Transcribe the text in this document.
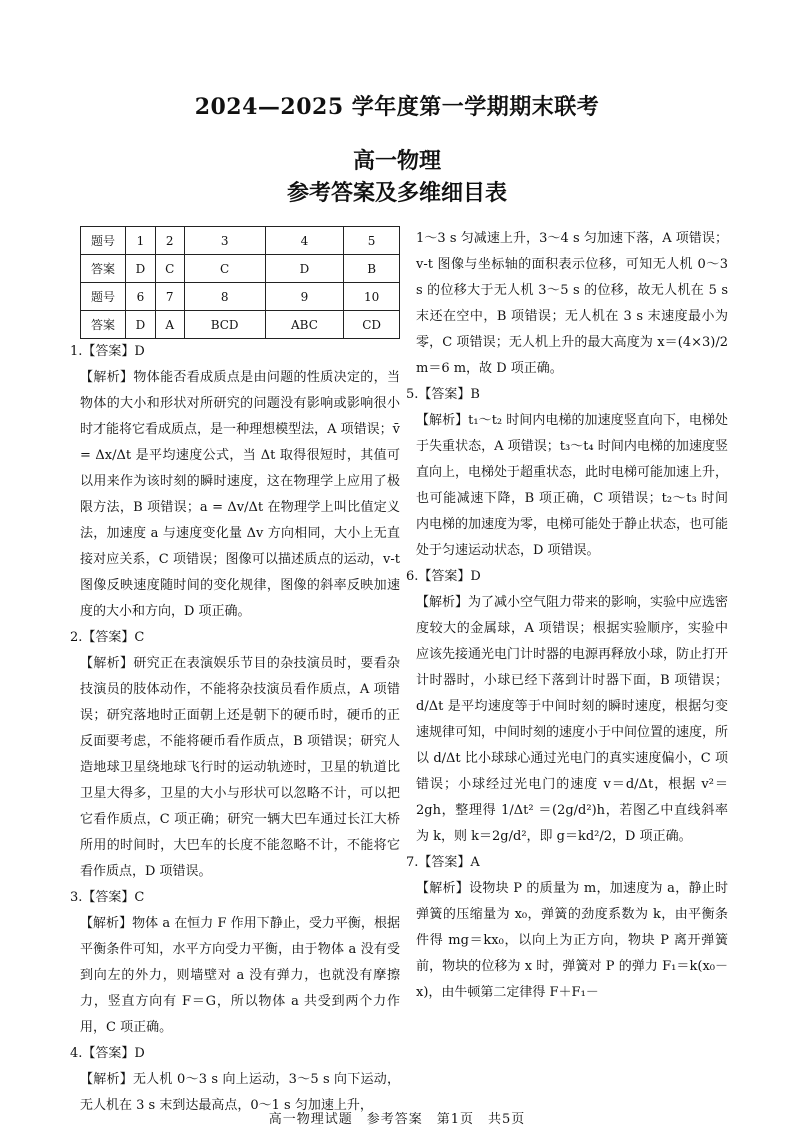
2024—2025 学年度第一学期期末联考
高一物理
参考答案及多维细目表
题号	1	2	3	4	5
答案	D	C	C	D	B
题号	6	7	8	9	10
答案	D	A	BCD	ABC	CD
1.【答案】D
【解析】物体能否看成质点是由问题的性质决定的，当物体的大小和形状对所研究的问题没有影响或影响很小时才能将它看成质点，是一种理想模型法，A 项错误；v̄ = Δx/Δt 是平均速度公式，当 Δt 取得很短时，其值可以用来作为该时刻的瞬时速度，这在物理学上应用了极限方法，B 项错误；a = Δv/Δt 在物理学上叫比值定义法，加速度 a 与速度变化量 Δv 方向相同，大小上无直接对应关系，C 项错误；图像可以描述质点的运动，v-t 图像反映速度随时间的变化规律，图像的斜率反映加速度的大小和方向，D 项正确。
2.【答案】C
【解析】研究正在表演娱乐节目的杂技演员时，要看杂技演员的肢体动作，不能将杂技演员看作质点，A 项错误；研究落地时正面朝上还是朝下的硬币时，硬币的正反面要考虑，不能将硬币看作质点，B 项错误；研究人造地球卫星绕地球飞行时的运动轨迹时，卫星的轨道比卫星大得多，卫星的大小与形状可以忽略不计，可以把它看作质点，C 项正确；研究一辆大巴车通过长江大桥所用的时间时，大巴车的长度不能忽略不计，不能将它看作质点，D 项错误。
3.【答案】C
【解析】物体 a 在恒力 F 作用下静止，受力平衡，根据平衡条件可知，水平方向受力平衡，由于物体 a 没有受到向左的外力，则墙壁对 a 没有弹力，也就没有摩擦力，竖直方向有 F＝G，所以物体 a 共受到两个力作用，C 项正确。
4.【答案】D
【解析】无人机 0～3 s 向上运动，3～5 s 向下运动，无人机在 3 s 末到达最高点，0～1 s 匀加速上升，
1～3 s 匀减速上升，3～4 s 匀加速下落，A 项错误；v-t 图像与坐标轴的面积表示位移，可知无人机 0～3 s 的位移大于无人机 3～5 s 的位移，故无人机在 5 s 末还在空中，B 项错误；无人机在 3 s 末速度最小为零，C 项错误；无人机上升的最大高度为 x＝(4×3)/2 m＝6 m，故 D 项正确。
5.【答案】B
【解析】t₁～t₂ 时间内电梯的加速度竖直向下，电梯处于失重状态，A 项错误；t₃～t₄ 时间内电梯的加速度竖直向上，电梯处于超重状态，此时电梯可能加速上升，也可能减速下降，B 项正确，C 项错误；t₂～t₃ 时间内电梯的加速度为零，电梯可能处于静止状态，也可能处于匀速运动状态，D 项错误。
6.【答案】D
【解析】为了减小空气阻力带来的影响，实验中应选密度较大的金属球，A 项错误；根据实验顺序，实验中应该先接通光电门计时器的电源再释放小球，防止打开计时器时，小球已经下落到计时器下面，B 项错误；d/Δt 是平均速度等于中间时刻的瞬时速度，根据匀变速规律可知，中间时刻的速度小于中间位置的速度，所以 d/Δt 比小球球心通过光电门的真实速度偏小，C 项错误；小球经过光电门的速度 v＝d/Δt，根据 v²＝2gh，整理得 1/Δt² ＝(2g/d²)h，若图乙中直线斜率为 k，则 k＝2g/d²，即 g＝kd²/2，D 项正确。
7.【答案】A
【解析】设物块 P 的质量为 m，加速度为 a，静止时弹簧的压缩量为 x₀，弹簧的劲度系数为 k，由平衡条件得 mg＝kx₀，以向上为正方向，物块 P 离开弹簧前，物块的位移为 x 时，弹簧对 P 的弹力 F₁＝k(x₀－x)，由牛顿第二定律得 F＋F₁－
高一物理试题　参考答案　第1页　共5页
